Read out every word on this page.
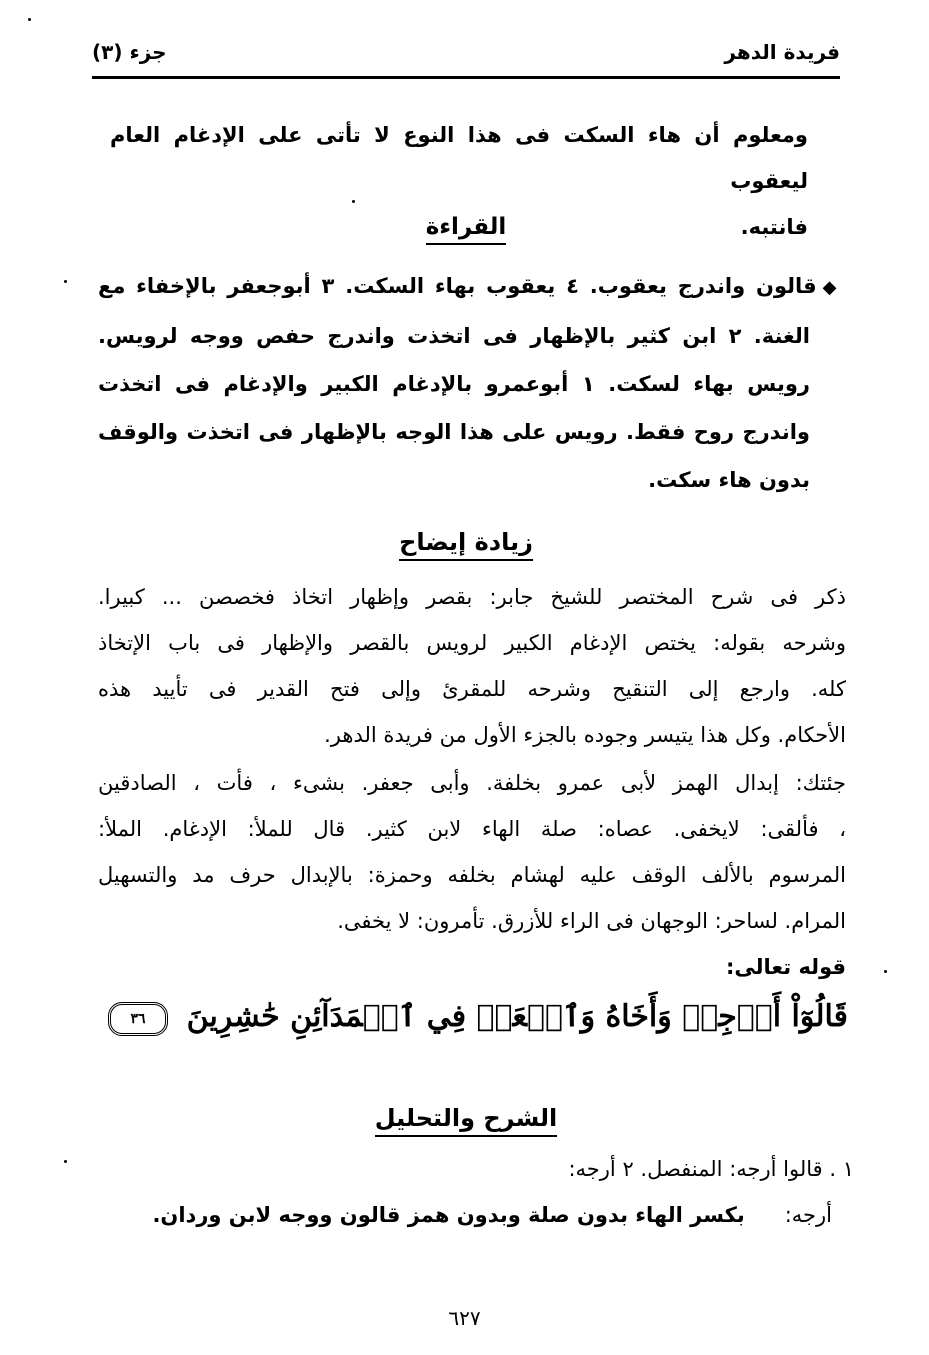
فريدة الدهر
جزء (٣)

ومعلوم أن هاء السكت فى هذا النوع لا تأتى على الإدغام العام ليعقوب

فانتبه.

القراءة

◆قالون واندرج يعقوب. ٤ يعقوب بهاء السكت. ٣ أبوجعفر بالإخفاء مع

الغنة. ٢ ابن كثير بالإظهار فى اتخذت واندرج حفص ووجه لرويس.

رويس بهاء لسكت. ١ أبوعمرو بالإدغام الكبير والإدغام فى اتخذت

واندرج روح فقط. رويس على هذا الوجه بالإظهار فى اتخذت والوقف

بدون هاء سكت.

زيادة إيضاح

ذكر فى شرح المختصر للشيخ جابر: بقصر وإظهار اتخاذ فخصصن ... كبيرا.

وشرحه بقوله: يختص الإدغام الكبير لرويس بالقصر والإظهار فى باب الإتخاذ

كله. وارجع إلى التنقيح وشرحه للمقرئ وإلى فتح القدير فى تأييد هذه

الأحكام. وكل هذا يتيسر وجوده بالجزء الأول من فريدة الدهر.

جئتك: إبدال الهمز لأبى عمرو بخلفة. وأبى جعفر. بشىء ، فأت ، الصادقين

، فألقى: لايخفى. عصاه: صلة الهاء لابن كثير. قال للملأ: الإدغام. الملأ:

المرسوم بالألف الوقف عليه لهشام بخلفه وحمزة: بالإبدال حرف مد والتسهيل

المرام. لساحر: الوجهان فى الراء للأزرق. تأمرون: لا يخفى.

قوله تعالى:

قَالُوٓاْ أَرۡجِهۡ وَأَخَاهُ وَٱبۡعَثۡ فِي ٱلۡمَدَآئِنِ حَٰشِرِينَ
٣٦
الشرح والتحليل

١ . قالوا أرجه: المنفصل. ٢ أرجه:

أرجه:بكسر الهاء بدون صلة وبدون همز قالون ووجه لابن وردان.

٦٢٧
